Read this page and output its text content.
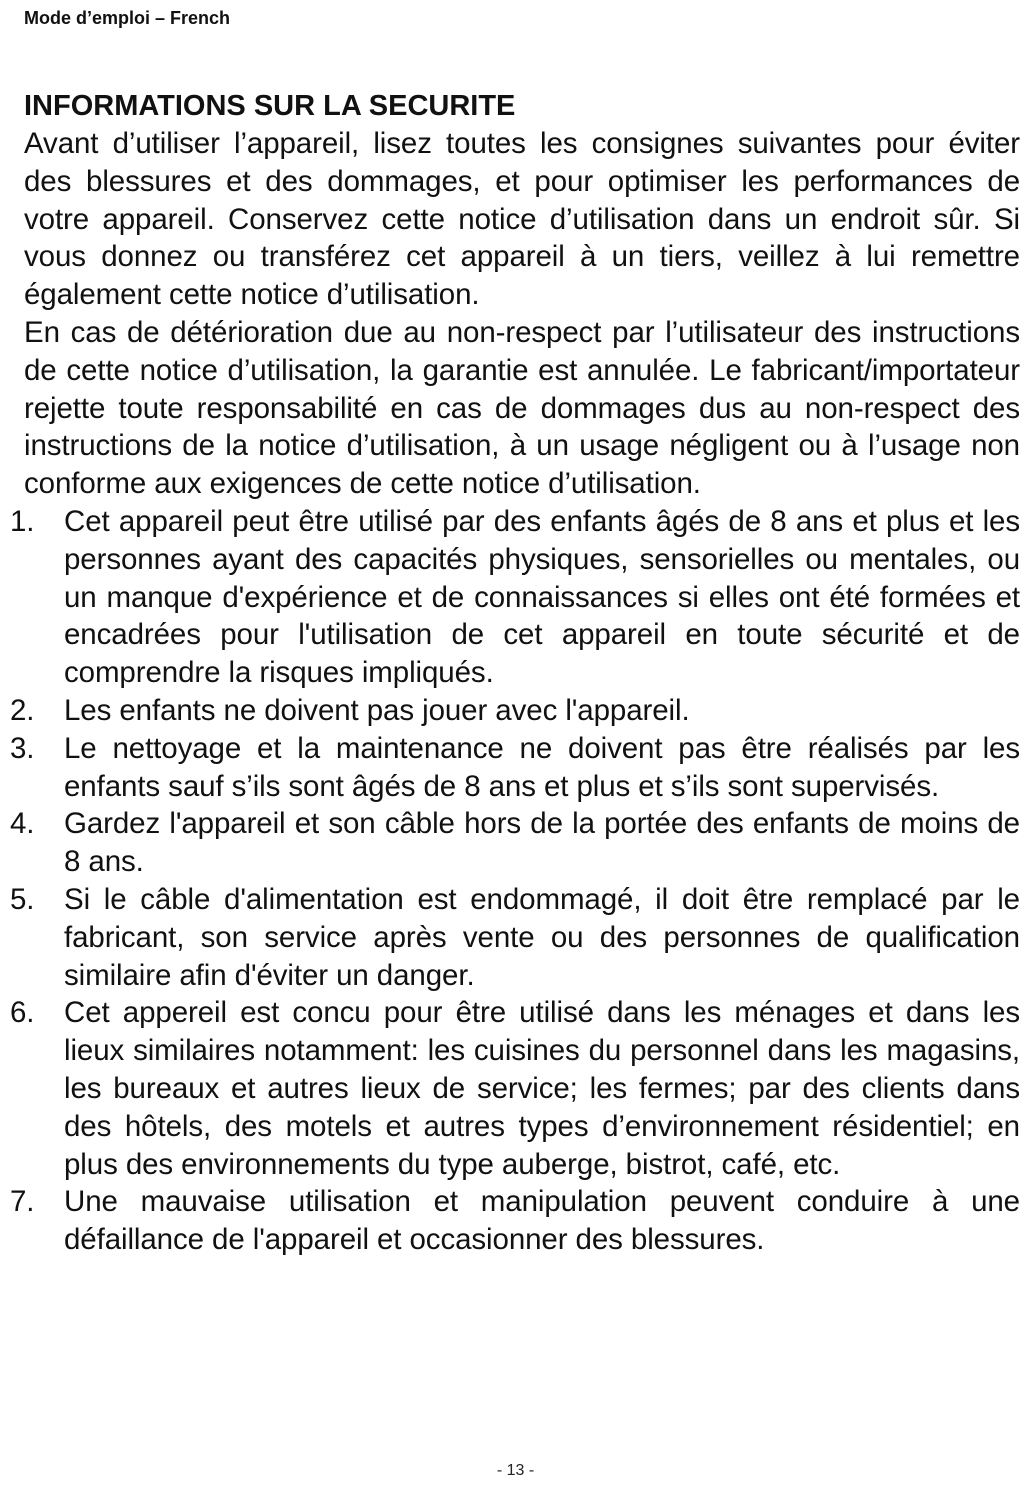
Mode d’emploi – French
INFORMATIONS SUR LA SECURITE

Avant d’utiliser l’appareil, lisez toutes les consignes suivantes pour éviter des blessures et des dommages, et pour optimiser les performances de votre appareil. Conservez cette notice d’utilisation dans un endroit sûr. Si vous donnez ou transférez cet appareil à un tiers, veillez à lui remettre également cette notice d’utilisation.

En cas de détérioration due au non-respect par l’utilisateur des instructions de cette notice d’utilisation, la garantie est annulée. Le fabricant/importateur rejette toute responsabilité en cas de dommages dus au non-respect des instructions de la notice d’utilisation, à un usage négligent ou à l’usage non conforme aux exigences de cette notice d’utilisation.

1.	Cet appareil peut être utilisé par des enfants âgés de 8 ans et plus et les personnes ayant des capacités physiques, sensorielles ou mentales, ou un manque d'expérience et de connaissances si elles ont été formées et encadrées pour l'utilisation de cet appareil en toute sécurité et de comprendre la risques impliqués.
2.	Les enfants ne doivent pas jouer avec l'appareil.
3.	Le nettoyage et la maintenance ne doivent pas être réalisés par les enfants sauf s’ils sont âgés de 8 ans et plus et s’ils sont supervisés.
4.	Gardez l'appareil et son câble hors de la portée des enfants de moins de 8 ans.
5.	Si le câble d'alimentation est endommagé, il doit être remplacé par le fabricant, son service après vente ou des personnes de qualification similaire afin d'éviter un danger.
6.	Cet appereil est concu pour être utilisé dans les ménages et dans les lieux similaires notamment: les cuisines du personnel dans les magasins, les bureaux et autres lieux de service; les fermes; par des clients dans des hôtels, des motels et autres types d’environnement résidentiel; en plus des environnements du type auberge, bistrot, café, etc.
7.	Une mauvaise utilisation et manipulation peuvent conduire à une défaillance de l'appareil et occasionner des blessures.
- 13 -
